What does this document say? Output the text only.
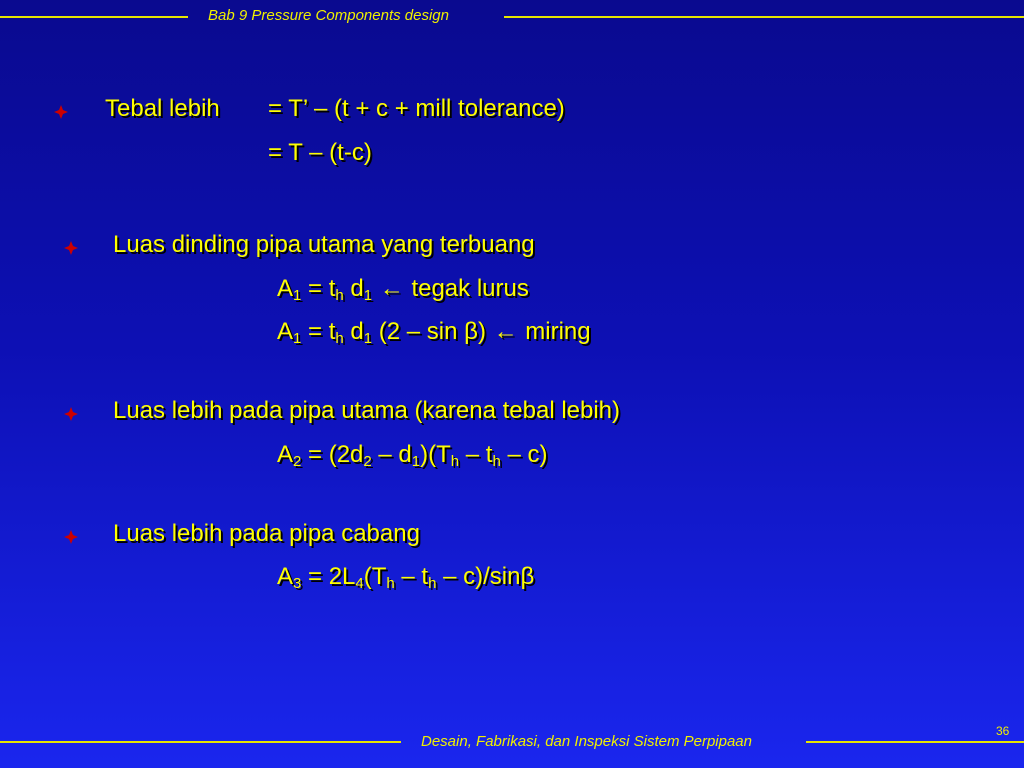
Bab 9 Pressure Components design
Tebal lebih = T’ – (t + c + mill tolerance)
= T – (t-c)
Luas dinding pipa utama yang terbuang
$A_1 = t_h$ $d_1$ ← tegak lurus
$A_1 = t_h$ $d_1$ (2 – sin β) ← miring
Luas lebih pada pipa utama (karena tebal lebih)
$A_2 = (2d_2 - d_1)(T_h - t_h - c)$
Luas lebih pada pipa cabang
$A_3 = 2L_4(T_h - t_h - c)/\sin\beta$
36
Desain, Fabrikasi, dan Inspeksi Sistem Perpipaan
